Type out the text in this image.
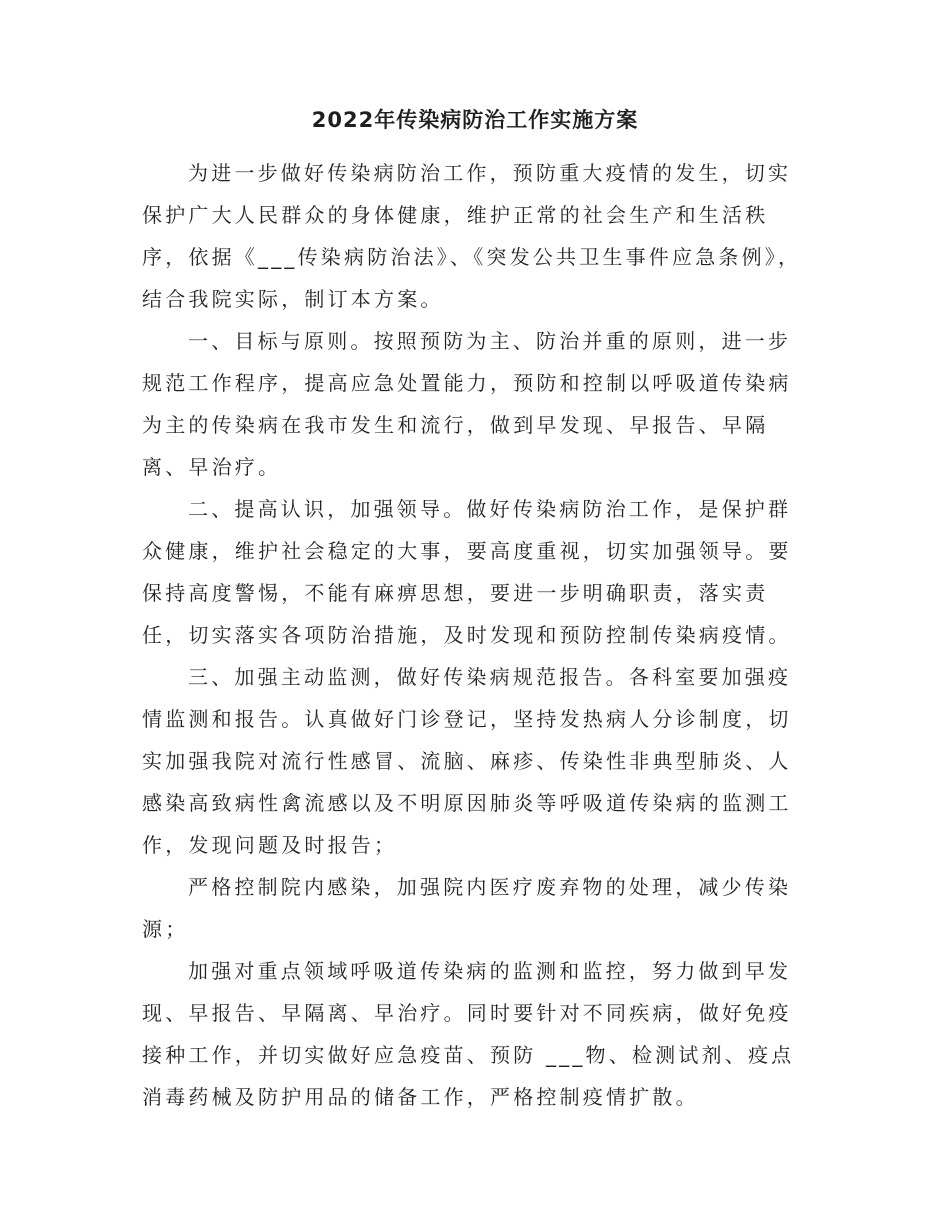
2022年传染病防治工作实施方案

为进一步做好传染病防治工作，预防重大疫情的发生，切实保护广大人民群众的身体健康，维护正常的社会生产和生活秩序，依据《___传染病防治法》、《突发公共卫生事件应急条例》，结合我院实际，制订本方案。

一、目标与原则。按照预防为主、防治并重的原则，进一步规范工作程序，提高应急处置能力，预防和控制以呼吸道传染病为主的传染病在我市发生和流行，做到早发现、早报告、早隔离、早治疗。

二、提高认识，加强领导。做好传染病防治工作，是保护群众健康，维护社会稳定的大事，要高度重视，切实加强领导。要保持高度警惕，不能有麻痹思想，要进一步明确职责，落实责任，切实落实各项防治措施，及时发现和预防控制传染病疫情。

三、加强主动监测，做好传染病规范报告。各科室要加强疫情监测和报告。认真做好门诊登记，坚持发热病人分诊制度，切实加强我院对流行性感冒、流脑、麻疹、传染性非典型肺炎、人感染高致病性禽流感以及不明原因肺炎等呼吸道传染病的监测工作，发现问题及时报告；

严格控制院内感染，加强院内医疗废弃物的处理，减少传染源；

加强对重点领域呼吸道传染病的监测和监控，努力做到早发现、早报告、早隔离、早治疗。同时要针对不同疾病，做好免疫接种工作，并切实做好应急疫苗、预防 ___物、检测试剂、疫点消毒药械及防护用品的储备工作，严格控制疫情扩散。
